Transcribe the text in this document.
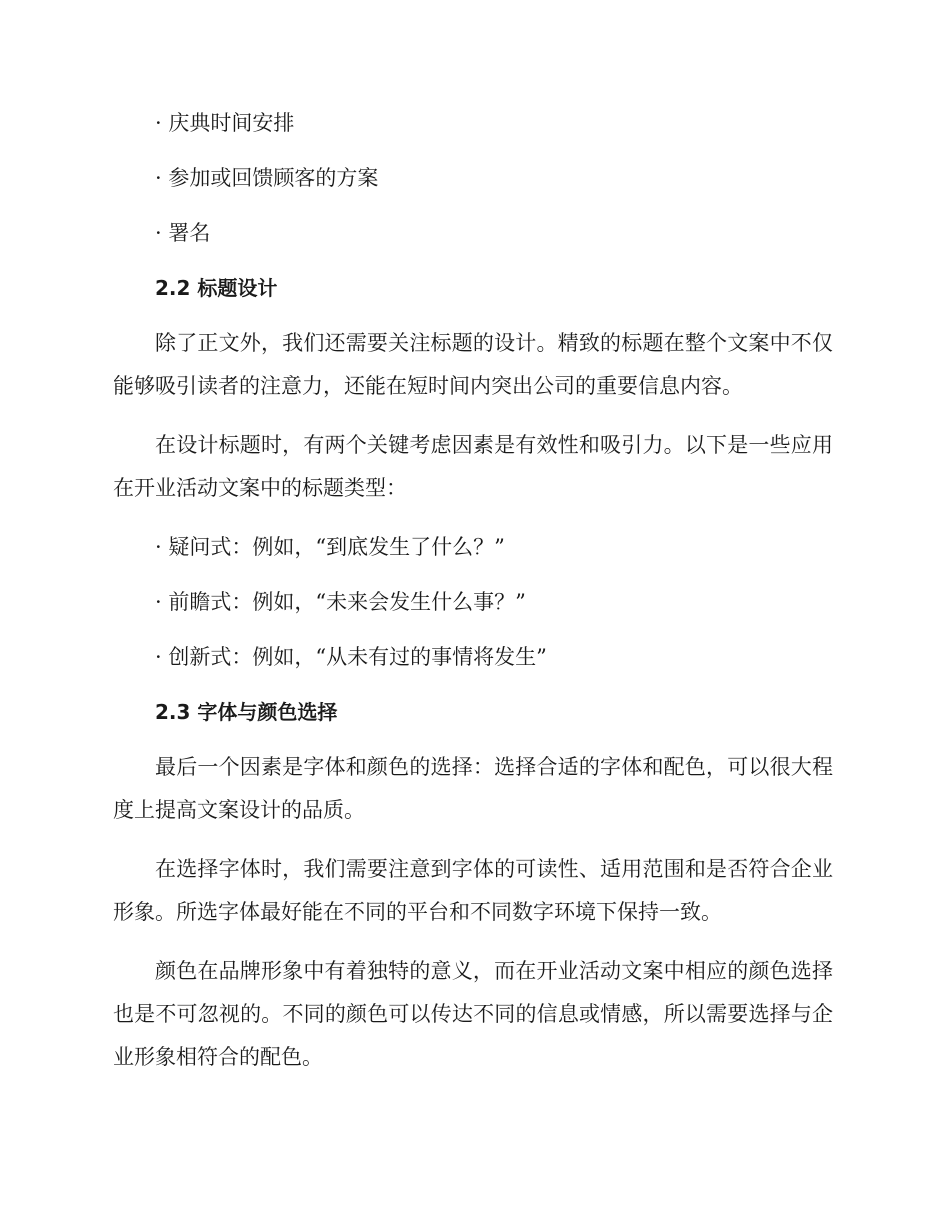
· 庆典时间安排
· 参加或回馈顾客的方案
· 署名
2.2 标题设计

除了正文外，我们还需要关注标题的设计。精致的标题在整个文案中不仅能够吸引读者的注意力，还能在短时间内突出公司的重要信息内容。

在设计标题时，有两个关键考虑因素是有效性和吸引力。以下是一些应用在开业活动文案中的标题类型：

· 疑问式：例如，“到底发生了什么？”
· 前瞻式：例如，“未来会发生什么事？”
· 创新式：例如，“从未有过的事情将发生”
2.3 字体与颜色选择

最后一个因素是字体和颜色的选择：选择合适的字体和配色，可以很大程度上提高文案设计的品质。

在选择字体时，我们需要注意到字体的可读性、适用范围和是否符合企业形象。所选字体最好能在不同的平台和不同数字环境下保持一致。

颜色在品牌形象中有着独特的意义，而在开业活动文案中相应的颜色选择也是不可忽视的。不同的颜色可以传达不同的信息或情感，所以需要选择与企业形象相符合的配色。
